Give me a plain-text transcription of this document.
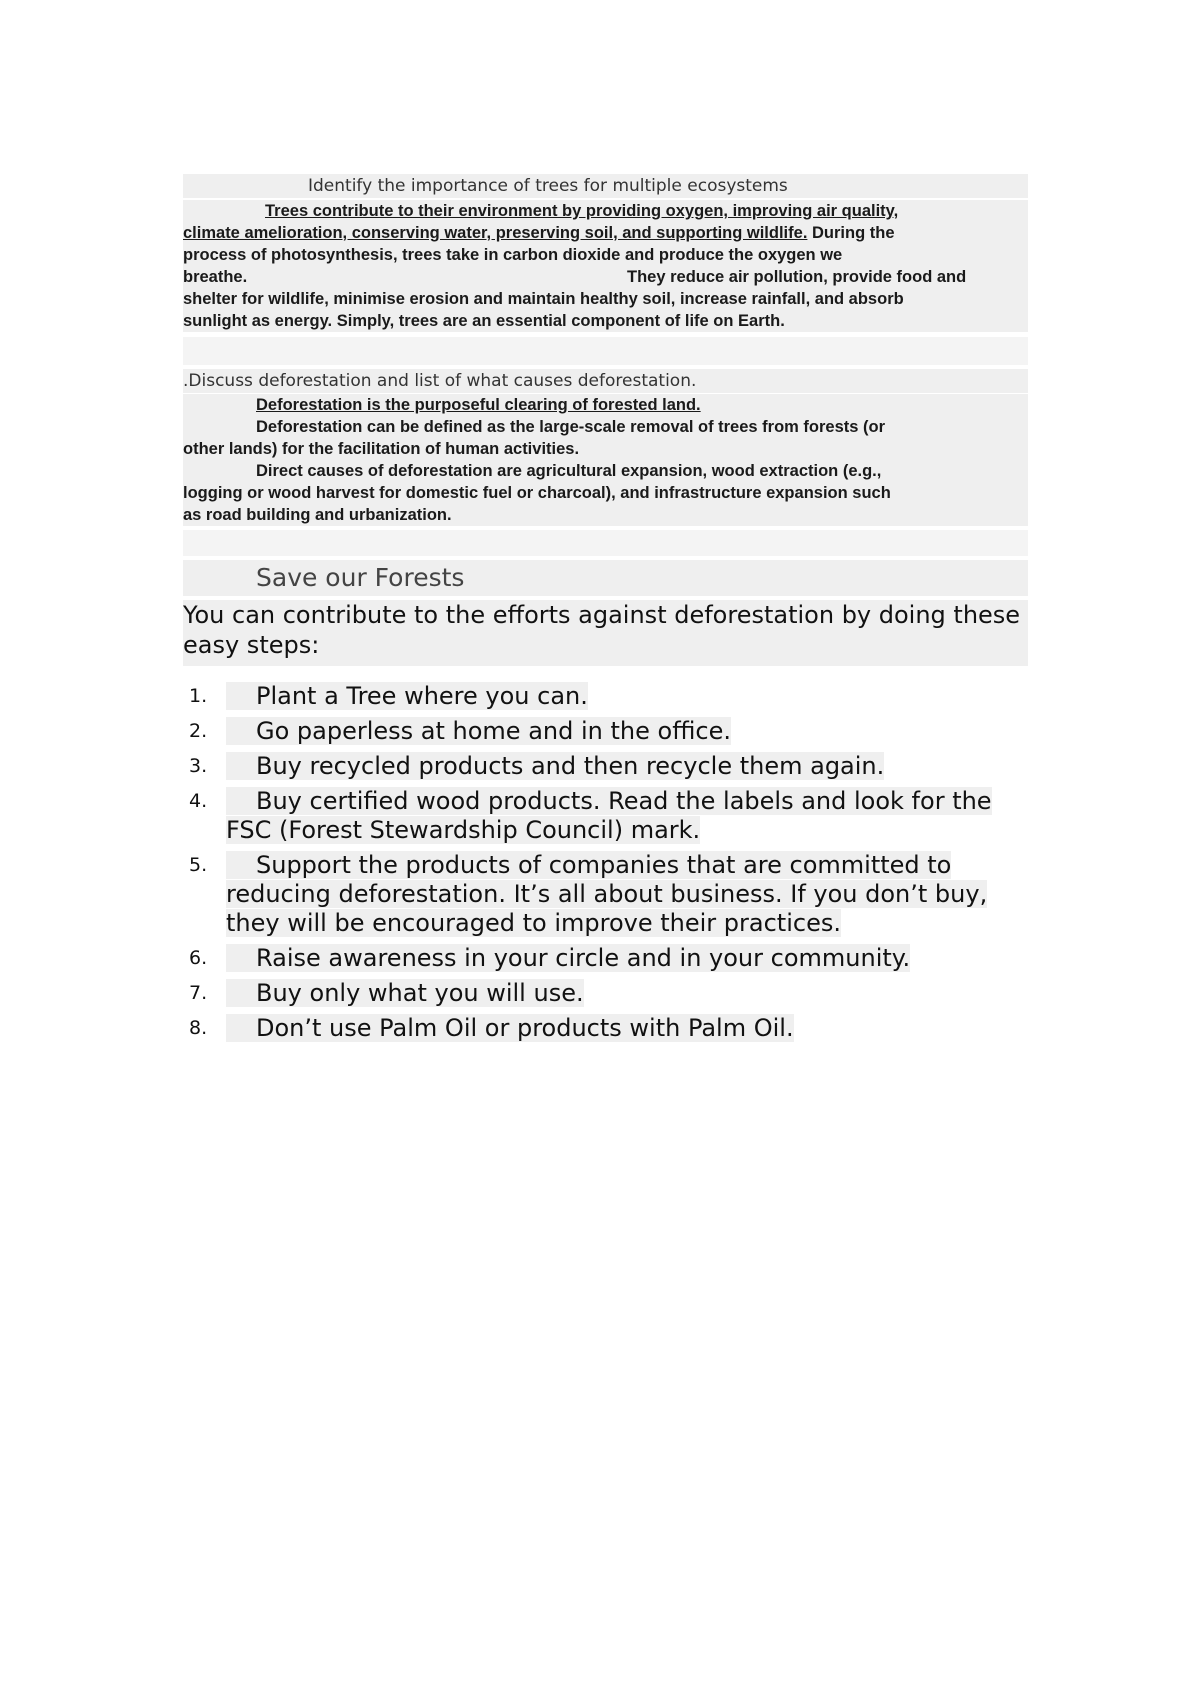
Identify the importance of trees for multiple ecosystems
Trees contribute to their environment by providing oxygen, improving air quality,
climate amelioration, conserving water, preserving soil, and supporting wildlife. During the
process of photosynthesis, trees take in carbon dioxide and produce the oxygen we
breathe.	They reduce air pollution, provide food and
shelter for wildlife, minimise erosion and maintain healthy soil, increase rainfall, and absorb
sunlight as energy. Simply, trees are an essential component of life on Earth.
.Discuss deforestation and list of what causes deforestation.
Deforestation is the purposeful clearing of forested land.
Deforestation can be defined as the large-scale removal of trees from forests (or
other lands) for the facilitation of human activities.
Direct causes of deforestation are agricultural expansion, wood extraction (e.g.,
logging or wood harvest for domestic fuel or charcoal), and infrastructure expansion such
as road building and urbanization.
Save our Forests
You can contribute to the efforts against deforestation by doing these easy steps:
1. Plant a Tree where you can.
2. Go paperless at home and in the office.
3. Buy recycled products and then recycle them again.
4. Buy certified wood products. Read the labels and look for the FSC (Forest Stewardship Council) mark.
5. Support the products of companies that are committed to reducing deforestation. It’s all about business. If you don’t buy, they will be encouraged to improve their practices.
6. Raise awareness in your circle and in your community.
7. Buy only what you will use.
8. Don’t use Palm Oil or products with Palm Oil.
